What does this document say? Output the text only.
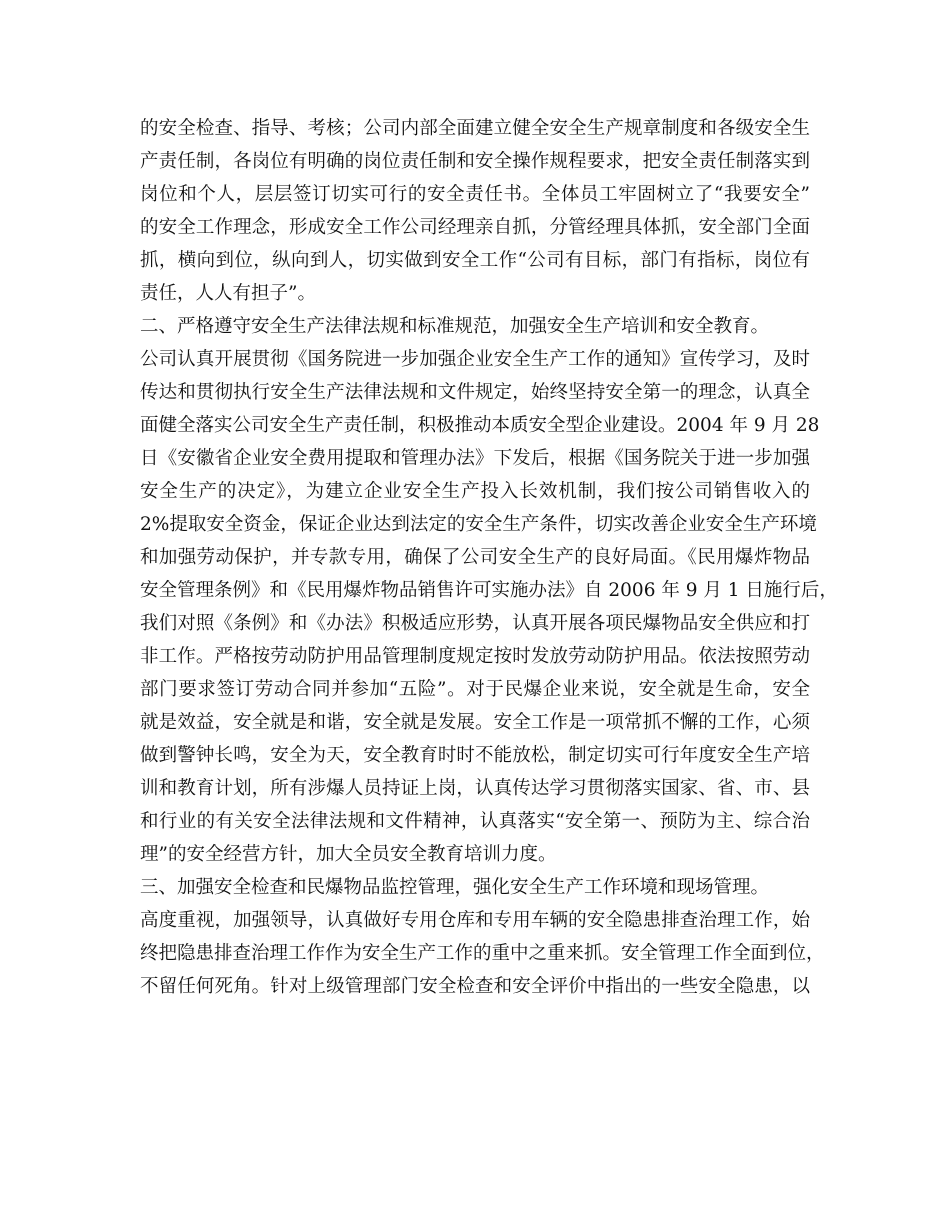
的安全检查、指导、考核；公司内部全面建立健全安全生产规章制度和各级安全生
产责任制，各岗位有明确的岗位责任制和安全操作规程要求，把安全责任制落实到
岗位和个人，层层签订切实可行的安全责任书。全体员工牢固树立了“我要安全”
的安全工作理念，形成安全工作公司经理亲自抓，分管经理具体抓，安全部门全面
抓，横向到位，纵向到人，切实做到安全工作“公司有目标，部门有指标，岗位有
责任，人人有担子”。
二、严格遵守安全生产法律法规和标准规范，加强安全生产培训和安全教育。
公司认真开展贯彻《国务院进一步加强企业安全生产工作的通知》宣传学习，及时
传达和贯彻执行安全生产法律法规和文件规定，始终坚持安全第一的理念，认真全
面健全落实公司安全生产责任制，积极推动本质安全型企业建设。2004 年 9 月 28
日《安徽省企业安全费用提取和管理办法》下发后，根据《国务院关于进一步加强
安全生产的决定》，为建立企业安全生产投入长效机制，我们按公司销售收入的
2%提取安全资金，保证企业达到法定的安全生产条件，切实改善企业安全生产环境
和加强劳动保护，并专款专用，确保了公司安全生产的良好局面。《民用爆炸物品
安全管理条例》和《民用爆炸物品销售许可实施办法》自 2006 年 9 月 1 日施行后，
我们对照《条例》和《办法》积极适应形势，认真开展各项民爆物品安全供应和打
非工作。严格按劳动防护用品管理制度规定按时发放劳动防护用品。依法按照劳动
部门要求签订劳动合同并参加“五险”。对于民爆企业来说，安全就是生命，安全
就是效益，安全就是和谐，安全就是发展。安全工作是一项常抓不懈的工作，心须
做到警钟长鸣，安全为天，安全教育时时不能放松，制定切实可行年度安全生产培
训和教育计划，所有涉爆人员持证上岗，认真传达学习贯彻落实国家、省、市、县
和行业的有关安全法律法规和文件精神，认真落实“安全第一、预防为主、综合治
理”的安全经营方针，加大全员安全教育培训力度。
三、加强安全检查和民爆物品监控管理，强化安全生产工作环境和现场管理。
高度重视，加强领导，认真做好专用仓库和专用车辆的安全隐患排查治理工作，始
终把隐患排查治理工作作为安全生产工作的重中之重来抓。安全管理工作全面到位，
不留任何死角。针对上级管理部门安全检查和安全评价中指出的一些安全隐患，以
